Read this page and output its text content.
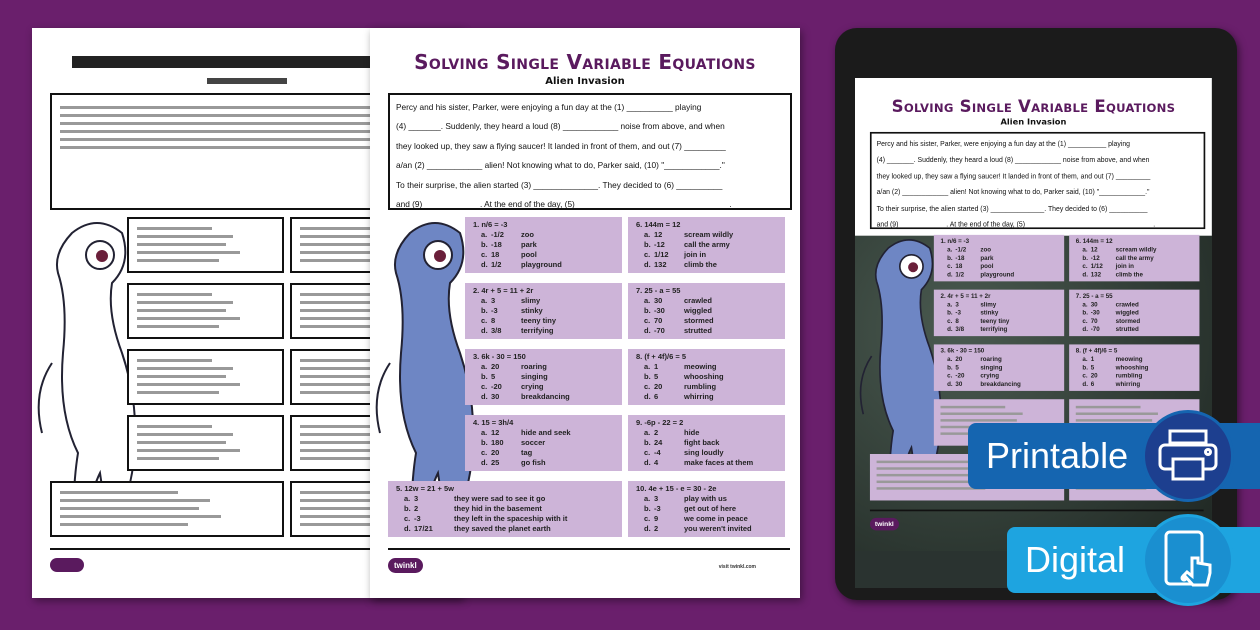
Solving Single Variable Equations
Alien Invasion
Percy and his sister, Parker, were enjoying a fun day at the (1) __________ playing
(4) _______. Suddenly, they heard a loud (8) ____________ noise from above, and when
they looked up, they saw a flying saucer! It landed in front of them, and out (7) _________
a/an (2) ____________ alien! Not knowing what to do, Parker said, (10) "____________."
To their surprise, the alien started (3) ______________. They decided to (6) __________
and (9) ____________. At the end of the day, (5) _________________________________.
1. n/6 = -3
a. -1/2	zoo
b. -18	park
c. 18	pool
d. 1/2	playground
2. 4r + 5 = 11 + 2r
a. 3	slimy
b. -3	stinky
c. 8	teeny tiny
d. 3/8	terrifying
3. 6k - 30 = 150
a. 20	roaring
b. 5	singing
c. -20	crying
d. 30	breakdancing
4. 15 = 3h/4
a. 12	hide and seek
b. 180	soccer
c. 20	tag
d. 25	go fish
5. 12w = 21 + 5w
a. 3	they were sad to see it go
b. 2	they hid in the basement
c. -3	they left in the spaceship with it
d. 17/21	they saved the planet earth
6. 144m = 12
a. 12	scream wildly
b. -12	call the army
c. 1/12	join in
d. 132	climb the
7. 25 - a = 55
a. 30	crawled
b. -30	wiggled
c. 70	stormed
d. -70	strutted
8. (f + 4f)/6 = 5
a. 1	meowing
b. 5	whooshing
c. 20	rumbling
d. 6	whirring
9. -6p - 22 = 2
a. 2	hide
b. 24	fight back
c. -4	sing loudly
d. 4	make faces at them
10. 4e + 15 - e = 30 - 2e
a. 3	play with us
b. -3	get out of here
c. 9	we come in peace
d. 2	you weren't invited
twinkl	visit twinkl.com
Solving Single Variable Equations
Alien Invasion
Percy and his sister, Parker, were enjoying a fun day at the (1) __________ playing
(4) _______. Suddenly, they heard a loud (8) ____________ noise from above, and when
they looked up, they saw a flying saucer! It landed in front of them, and out (7) _________
a/an (2) ____________ alien! Not knowing what to do, Parker said, (10) "____________."
To their surprise, the alien started (3) ______________. They decided to (6) __________
and (9) ____________. At the end of the day, (5) _________________________________.
1. n/6 = -3
a. -1/2	zoo
b. -18	park
c. 18	pool
d. 1/2	playground
2. 4r + 5 = 11 + 2r
a. 3	slimy
b. -3	stinky
c. 8	teeny tiny
d. 3/8	terrifying
3. 6k - 30 = 150
a. 20	roaring
b. 5	singing
c. -20	crying
d. 30	breakdancing
6. 144m = 12
a. 12	scream wildly
b. -12	call the army
c. 1/12	join in
d. 132	climb the
7. 25 - a = 55
a. 30	crawled
b. -30	wiggled
c. 70	stormed
d. -70	strutted
8. (f + 4f)/6 = 5
a. 1	meowing
b. 5	whooshing
c. 20	rumbling
d. 6	whirring
twinkl
Printable
Digital
